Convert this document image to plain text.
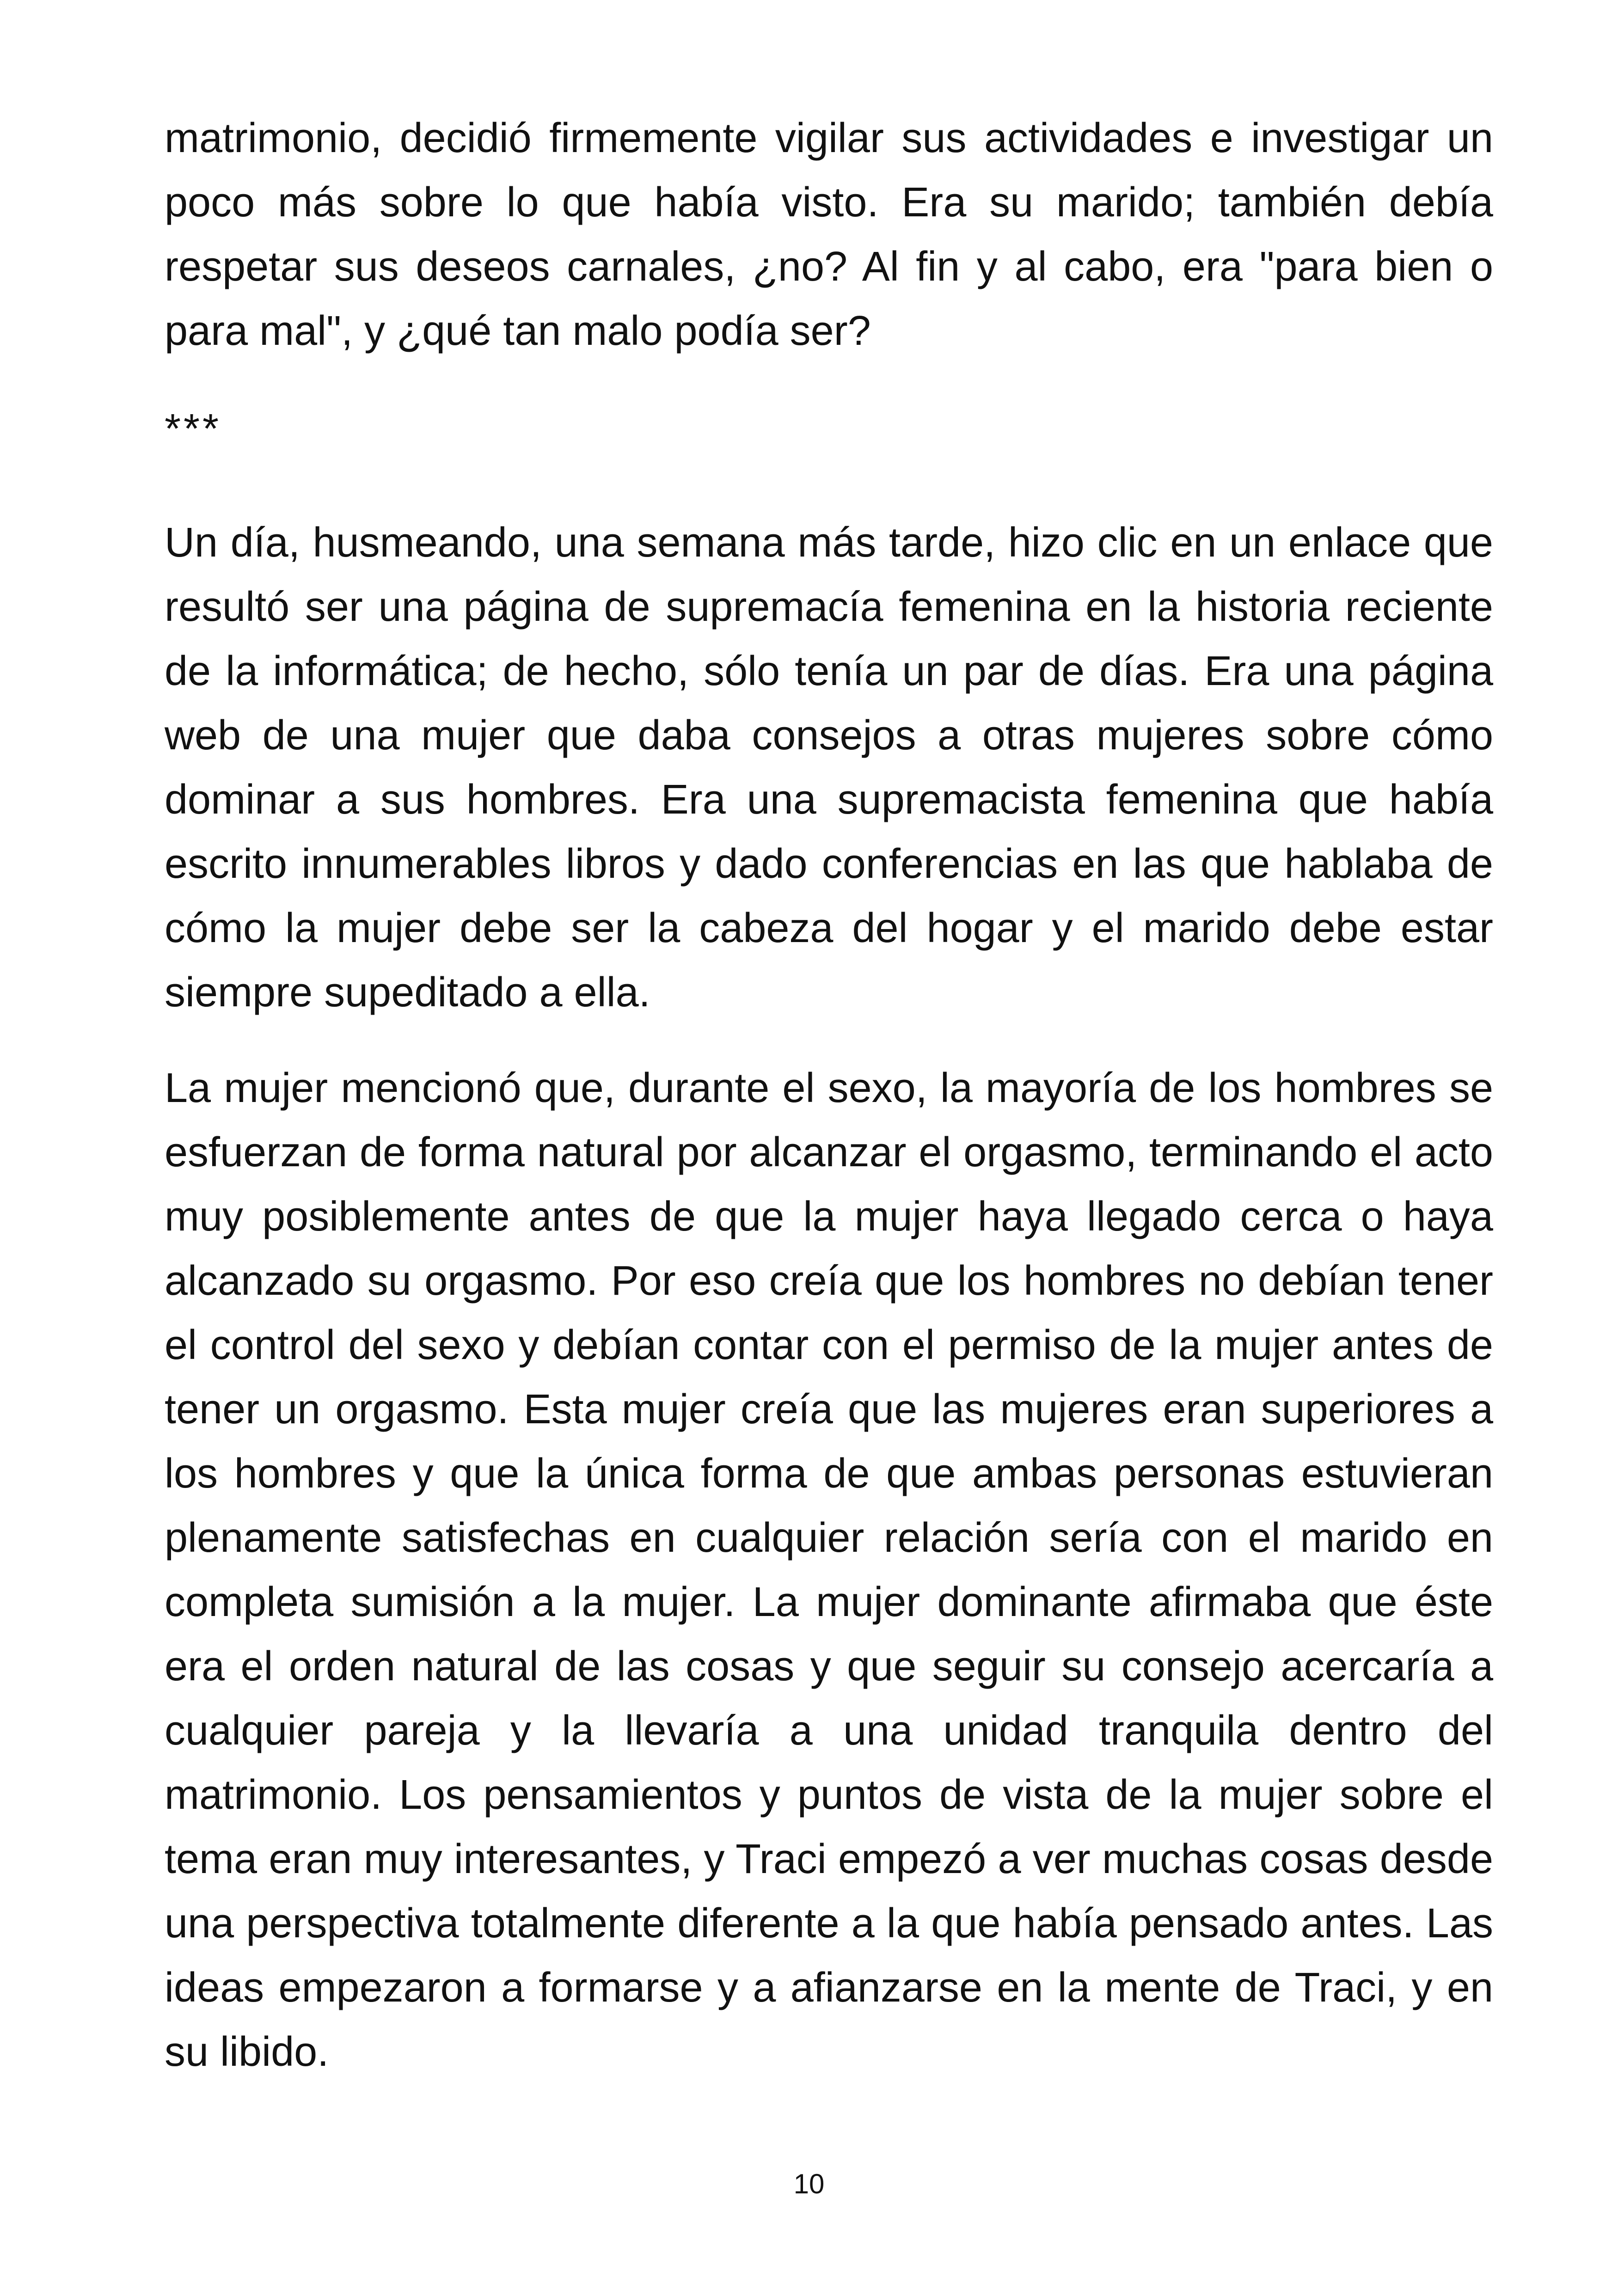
matrimonio, decidió firmemente vigilar sus actividades e investigar un poco más sobre lo que había visto. Era su marido; también debía respetar sus deseos carnales, ¿no? Al fin y al cabo, era "para bien o para mal", y ¿qué tan malo podía ser?

***

Un día, husmeando, una semana más tarde, hizo clic en un enlace que resultó ser una página de supremacía femenina en la historia reciente de la informática; de hecho, sólo tenía un par de días. Era una página web de una mujer que daba consejos a otras mujeres sobre cómo dominar a sus hombres. Era una supremacista femenina que había escrito innumerables libros y dado conferencias en las que hablaba de cómo la mujer debe ser la cabeza del hogar y el marido debe estar siempre supeditado a ella.

La mujer mencionó que, durante el sexo, la mayoría de los hombres se esfuerzan de forma natural por alcanzar el orgasmo, terminando el acto muy posiblemente antes de que la mujer haya llegado cerca o haya alcanzado su orgasmo. Por eso creía que los hombres no debían tener el control del sexo y debían contar con el permiso de la mujer antes de tener un orgasmo. Esta mujer creía que las mujeres eran superiores a los hombres y que la única forma de que ambas personas estuvieran plenamente satisfechas en cualquier relación sería con el marido en completa sumisión a la mujer. La mujer dominante afirmaba que éste era el orden natural de las cosas y que seguir su consejo acercaría a cualquier pareja y la llevaría a una unidad tranquila dentro del matrimonio. Los pensamientos y puntos de vista de la mujer sobre el tema eran muy interesantes, y Traci empezó a ver muchas cosas desde una perspectiva totalmente diferente a la que había pensado antes. Las ideas empezaron a formarse y a afianzarse en la mente de Traci, y en su libido.

10
